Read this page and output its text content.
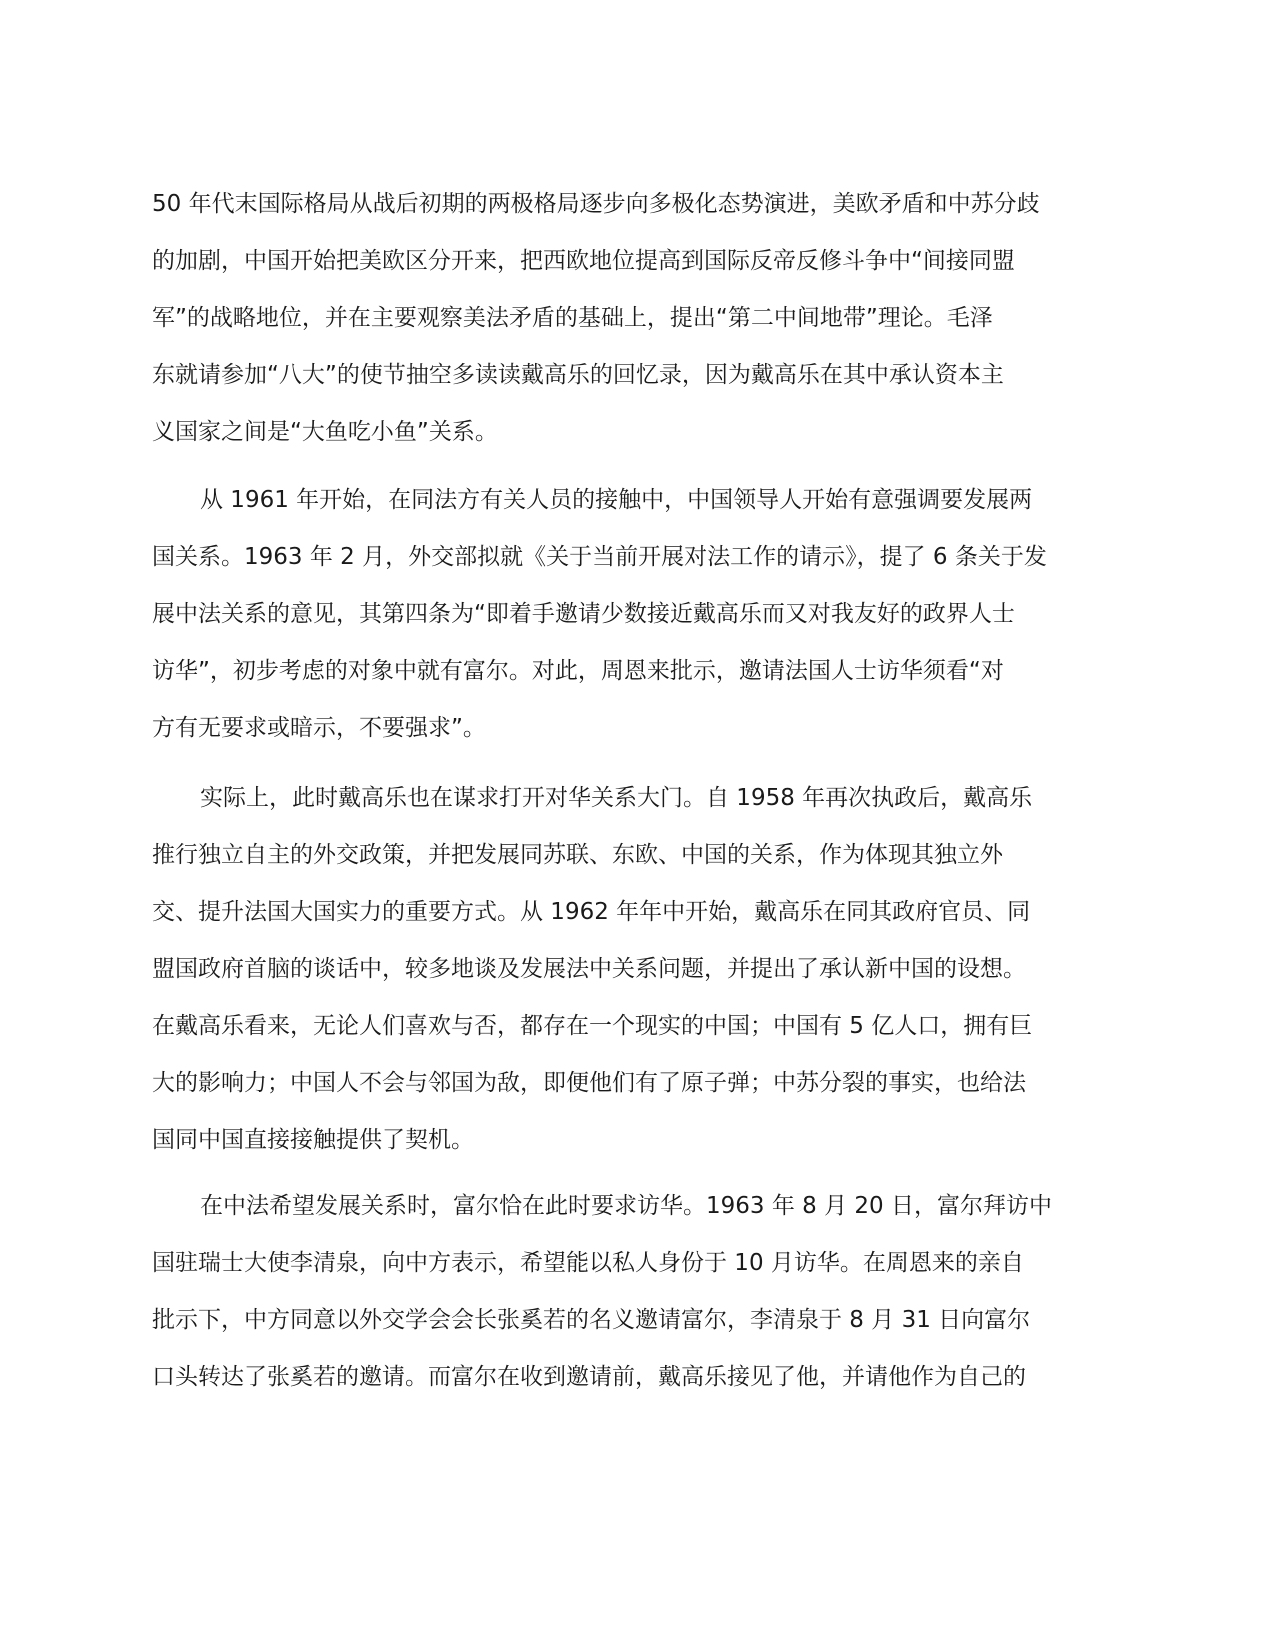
50 年代末国际格局从战后初期的两极格局逐步向多极化态势演进，美欧矛盾和中苏分歧
的加剧，中国开始把美欧区分开来，把西欧地位提高到国际反帝反修斗争中“间接同盟
军”的战略地位，并在主要观察美法矛盾的基础上，提出“第二中间地带”理论。毛泽
东就请参加“八大”的使节抽空多读读戴高乐的回忆录，因为戴高乐在其中承认资本主
义国家之间是“大鱼吃小鱼”关系。
从 1961 年开始，在同法方有关人员的接触中，中国领导人开始有意强调要发展两
国关系。1963 年 2 月，外交部拟就《关于当前开展对法工作的请示》，提了 6 条关于发
展中法关系的意见，其第四条为“即着手邀请少数接近戴高乐而又对我友好的政界人士
访华”，初步考虑的对象中就有富尔。对此，周恩来批示，邀请法国人士访华须看“对
方有无要求或暗示，不要强求”。
实际上，此时戴高乐也在谋求打开对华关系大门。自 1958 年再次执政后，戴高乐
推行独立自主的外交政策，并把发展同苏联、东欧、中国的关系，作为体现其独立外
交、提升法国大国实力的重要方式。从 1962 年年中开始，戴高乐在同其政府官员、同
盟国政府首脑的谈话中，较多地谈及发展法中关系问题，并提出了承认新中国的设想。
在戴高乐看来，无论人们喜欢与否，都存在一个现实的中国；中国有 5 亿人口，拥有巨
大的影响力；中国人不会与邻国为敌，即便他们有了原子弹；中苏分裂的事实，也给法
国同中国直接接触提供了契机。
在中法希望发展关系时，富尔恰在此时要求访华。1963 年 8 月 20 日，富尔拜访中
国驻瑞士大使李清泉，向中方表示，希望能以私人身份于 10 月访华。在周恩来的亲自
批示下，中方同意以外交学会会长张奚若的名义邀请富尔，李清泉于 8 月 31 日向富尔
口头转达了张奚若的邀请。而富尔在收到邀请前，戴高乐接见了他，并请他作为自己的
